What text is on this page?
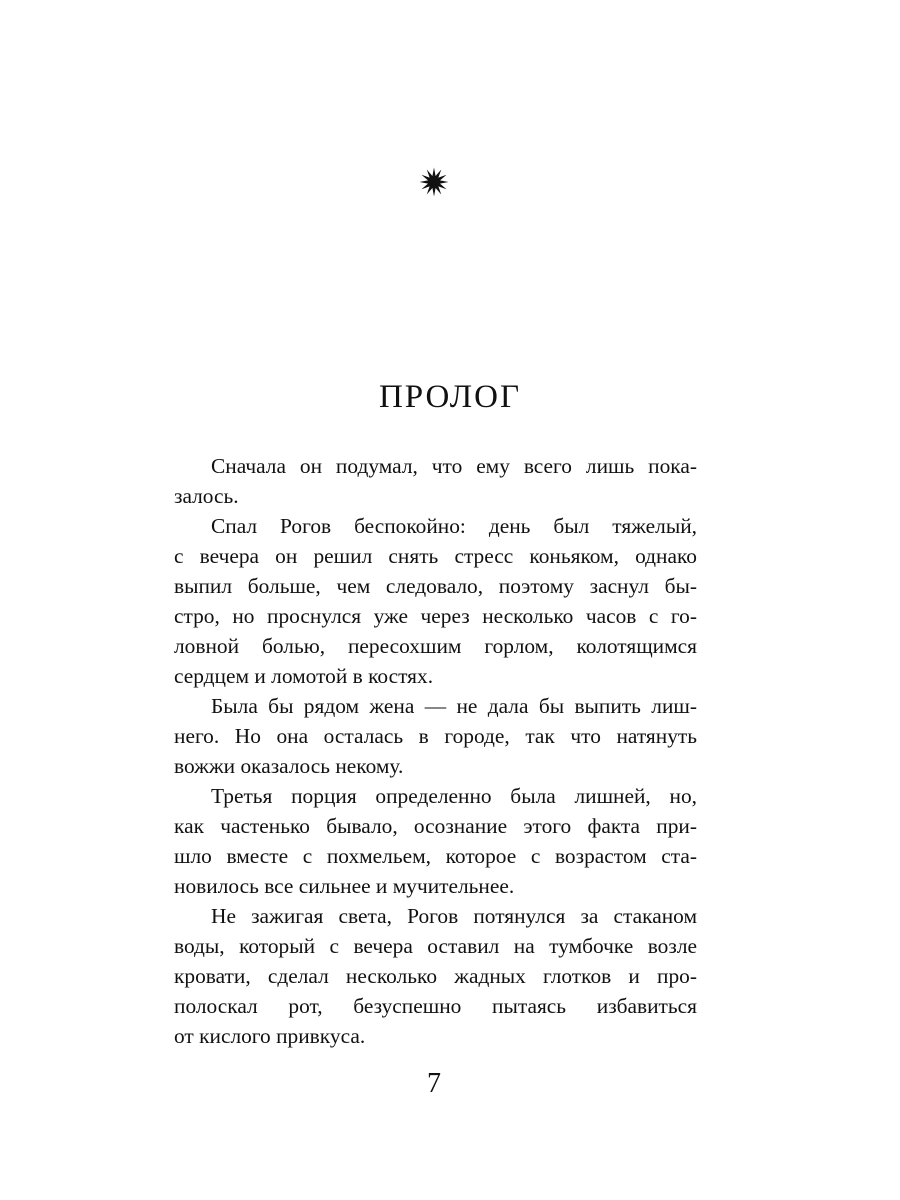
ПРОЛОГ
Сначала он подумал, что ему всего лишь пока-
залось.
Спал Рогов беспокойно: день был тяжелый,
с вечера он решил снять стресс коньяком, однако
выпил больше, чем следовало, поэтому заснул бы-
стро, но проснулся уже через несколько часов с го-
ловной болью, пересохшим горлом, колотящимся
сердцем и ломотой в костях.
Была бы рядом жена — не дала бы выпить лиш-
него. Но она осталась в городе, так что натянуть
вожжи оказалось некому.
Третья порция определенно была лишней, но,
как частенько бывало, осознание этого факта при-
шло вместе с похмельем, которое с возрастом ста-
новилось все сильнее и мучительнее.
Не зажигая света, Рогов потянулся за стаканом
воды, который с вечера оставил на тумбочке возле
кровати, сделал несколько жадных глотков и про-
полоскал рот, безуспешно пытаясь избавиться
от кислого привкуса.
7
